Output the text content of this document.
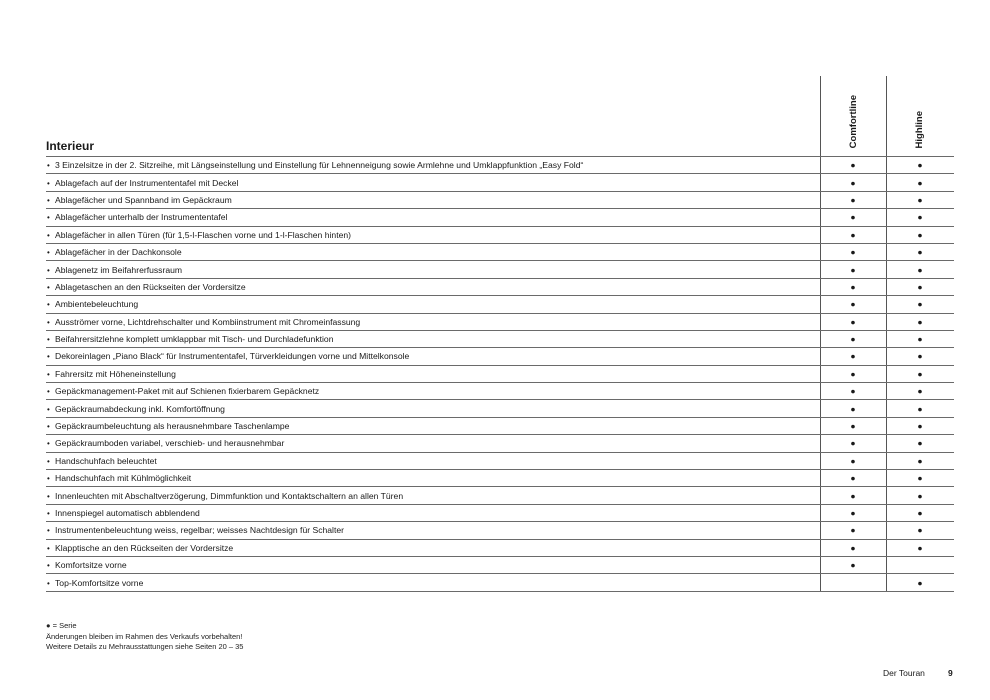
Comfortline	Highline
Interieur
• 3 Einzelsitze in der 2. Sitzreihe, mit Längseinstellung und Einstellung für Lehnenneigung sowie Armlehne und Umklappfunktion „Easy Fold“	●	●
• Ablagefach auf der Instrumententafel mit Deckel	●	●
• Ablagefächer und Spannband im Gepäckraum	●	●
• Ablagefächer unterhalb der Instrumententafel	●	●
• Ablagefächer in allen Türen (für 1,5-l-Flaschen vorne und 1-l-Flaschen hinten)	●	●
• Ablagefächer in der Dachkonsole	●	●
• Ablagenetz im Beifahrerfussraum	●	●
• Ablagetaschen an den Rückseiten der Vordersitze	●	●
• Ambientebeleuchtung	●	●
• Ausströmer vorne, Lichtdrehschalter und Kombiinstrument mit Chromeinfassung	●	●
• Beifahrersitzlehne komplett umklappbar mit Tisch- und Durchladefunktion	●	●
• Dekoreinlagen „Piano Black“ für Instrumententafel, Türverkleidungen vorne und Mittelkonsole	●	●
• Fahrersitz mit Höheneinstellung	●	●
• Gepäckmanagement-Paket mit auf Schienen fixierbarem Gepäcknetz	●	●
• Gepäckraumabdeckung inkl. Komfortöffnung	●	●
• Gepäckraumbeleuchtung als herausnehmbare Taschenlampe	●	●
• Gepäckraumboden variabel, verschieb- und herausnehmbar	●	●
• Handschuhfach beleuchtet	●	●
• Handschuhfach mit Kühlmöglichkeit	●	●
• Innenleuchten mit Abschaltverzögerung, Dimmfunktion und Kontaktschaltern an allen Türen	●	●
• Innenspiegel automatisch abblendend	●	●
• Instrumentenbeleuchtung weiss, regelbar; weisses Nachtdesign für Schalter	●	●
• Klapptische an den Rückseiten der Vordersitze	●	●
• Komfortsitze vorne	●	
• Top-Komfortsitze vorne		●
● = Serie
Änderungen bleiben im Rahmen des Verkaufs vorbehalten!
Weitere Details zu Mehrausstattungen siehe Seiten 20 – 35
Der Touran	9
